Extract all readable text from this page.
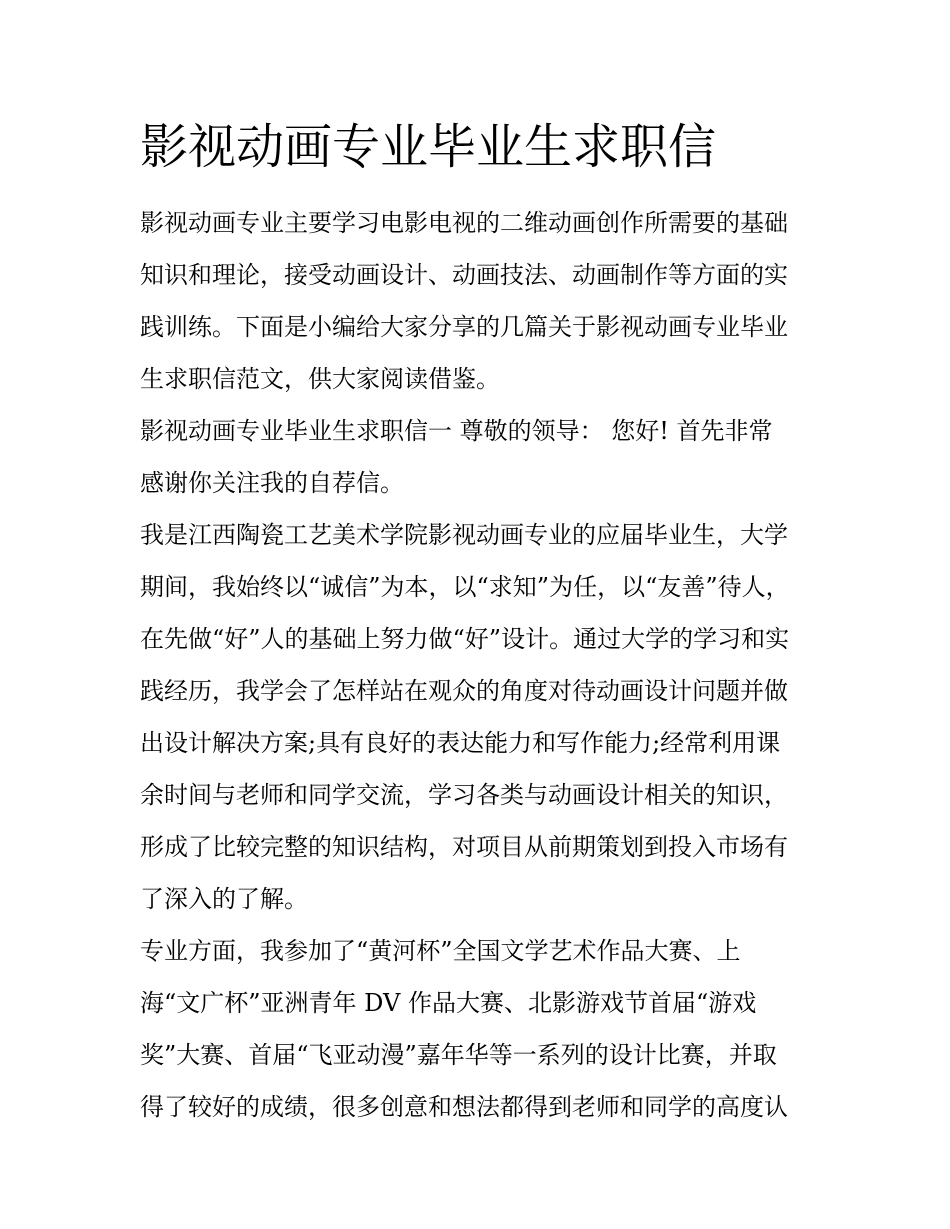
影视动画专业毕业生求职信

影视动画专业主要学习电影电视的二维动画创作所需要的基础

知识和理论，接受动画设计、动画技法、动画制作等方面的实

践训练。下面是小编给大家分享的几篇关于影视动画专业毕业

生求职信范文，供大家阅读借鉴。

影视动画专业毕业生求职信一 尊敬的领导： 您好! 首先非常

感谢你关注我的自荐信。

我是江西陶瓷工艺美术学院影视动画专业的应届毕业生，大学

期间，我始终以“诚信”为本，以“求知”为任，以“友善”待人，

在先做“好”人的基础上努力做“好”设计。通过大学的学习和实

践经历，我学会了怎样站在观众的角度对待动画设计问题并做

出设计解决方案;具有良好的表达能力和写作能力;经常利用课

余时间与老师和同学交流，学习各类与动画设计相关的知识，

形成了比较完整的知识结构，对项目从前期策划到投入市场有

了深入的了解。

专业方面，我参加了“黄河杯”全国文学艺术作品大赛、上

海“文广杯”亚洲青年 DV 作品大赛、北影游戏节首届“游戏

奖”大赛、首届“飞亚动漫”嘉年华等一系列的设计比赛，并取

得了较好的成绩，很多创意和想法都得到老师和同学的高度认
